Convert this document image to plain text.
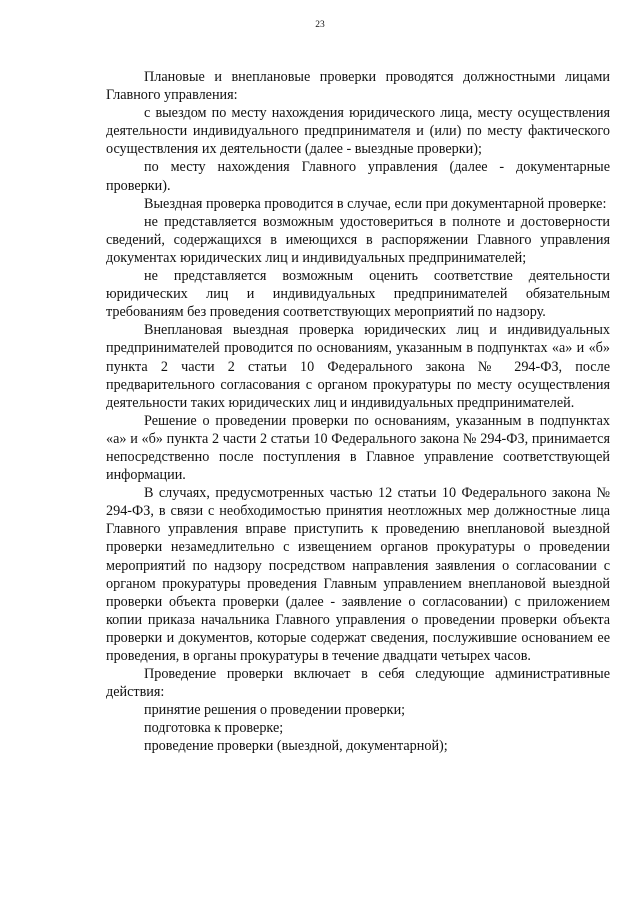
23

Плановые и внеплановые проверки проводятся должностными лицами Главного управления:

с выездом по месту нахождения юридического лица, месту осуществления деятельности индивидуального предпринимателя и (или) по месту фактического осуществления их деятельности (далее - выездные проверки);

по месту нахождения Главного управления (далее - документарные проверки).

Выездная проверка проводится в случае, если при документарной проверке:

не представляется возможным удостовериться в полноте и достоверности сведений, содержащихся в имеющихся в распоряжении Главного управления документах юридических лиц и индивидуальных предпринимателей;

не представляется возможным оценить соответствие деятельности юридических лиц и индивидуальных предпринимателей обязательным требованиям без проведения соответствующих мероприятий по надзору.

Внеплановая выездная проверка юридических лиц и индивидуальных предпринимателей проводится по основаниям, указанным в подпунктах «а» и «б» пункта 2 части 2 статьи 10 Федерального закона № 294-ФЗ, после предварительного согласования с органом прокуратуры по месту осуществления деятельности таких юридических лиц и индивидуальных предпринимателей.

Решение о проведении проверки по основаниям, указанным в подпунктах «а» и «б» пункта 2 части 2 статьи 10 Федерального закона № 294-ФЗ, принимается непосредственно после поступления в Главное управление соответствующей информации.

В случаях, предусмотренных частью 12 статьи 10 Федерального закона № 294-ФЗ, в связи с необходимостью принятия неотложных мер должностные лица Главного управления вправе приступить к проведению внеплановой выездной проверки незамедлительно с извещением органов прокуратуры о проведении мероприятий по надзору посредством направления заявления о согласовании с органом прокуратуры проведения Главным управлением внеплановой выездной проверки объекта проверки (далее - заявление о согласовании) с приложением копии приказа начальника Главного управления о проведении проверки объекта проверки и документов, которые содержат сведения, послужившие основанием ее проведения, в органы прокуратуры в течение двадцати четырех часов.

Проведение проверки включает в себя следующие административные действия:

принятие решения о проведении проверки;

подготовка к проверке;

проведение проверки (выездной, документарной);
